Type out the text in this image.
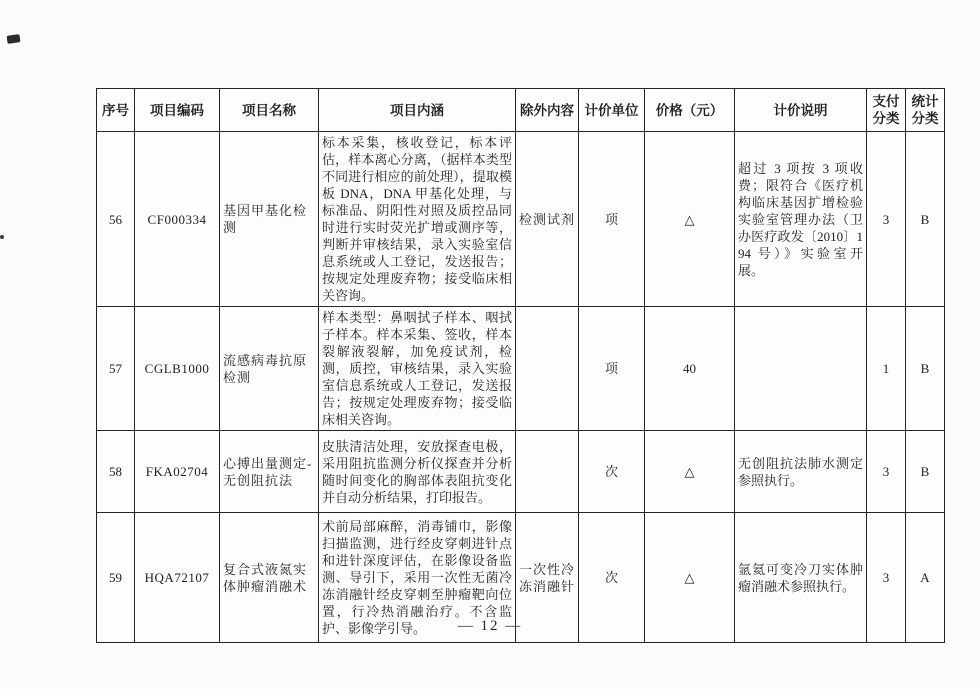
序号	项目编码	项目名称	项目内涵	除外内容	计价单位	价格（元）	计价说明	支付分类	统计分类
56	CF000334	基因甲基化检测	标本采集，核收登记，标本评估，样本离心分离，（据样本类型不同进行相应的前处理），提取模板 DNA，DNA 甲基化处理，与标准品、阴阳性对照及质控品同时进行实时荧光扩增或测序等，判断并审核结果，录入实验室信息系统或人工登记，发送报告；按规定处理废弃物；接受临床相关咨询。	检测试剂	项	△	超过 3 项按 3 项收费；限符合《医疗机构临床基因扩增检验实验室管理办法（卫办医疗政发〔2010〕194 号）》实验室开展。	3	B
57	CGLB1000	流感病毒抗原检测	样本类型：鼻咽拭子样本、咽拭子样本。样本采集、签收，样本裂解液裂解，加免疫试剂，检测，质控，审核结果，录入实验室信息系统或人工登记，发送报告；按规定处理废弃物；接受临床相关咨询。		项	40		1	B
58	FKA02704	心搏出量测定-无创阻抗法	皮肤清洁处理，安放探查电极，采用阻抗监测分析仪探查并分析随时间变化的胸部体表阻抗变化并自动分析结果，打印报告。		次	△	无创阻抗法肺水测定参照执行。	3	B
59	HQA72107	复合式液氮实体肿瘤消融术	术前局部麻醉，消毒铺巾，影像扫描监测，进行经皮穿刺进针点和进针深度评估，在影像设备监测、导引下，采用一次性无菌冷冻消融针经皮穿刺至肿瘤靶向位置，行冷热消融治疗。不含监护、影像学引导。	一次性冷冻消融针	次	△	氩氦可变冷刀实体肿瘤消融术参照执行。	3	A
— 12 —
